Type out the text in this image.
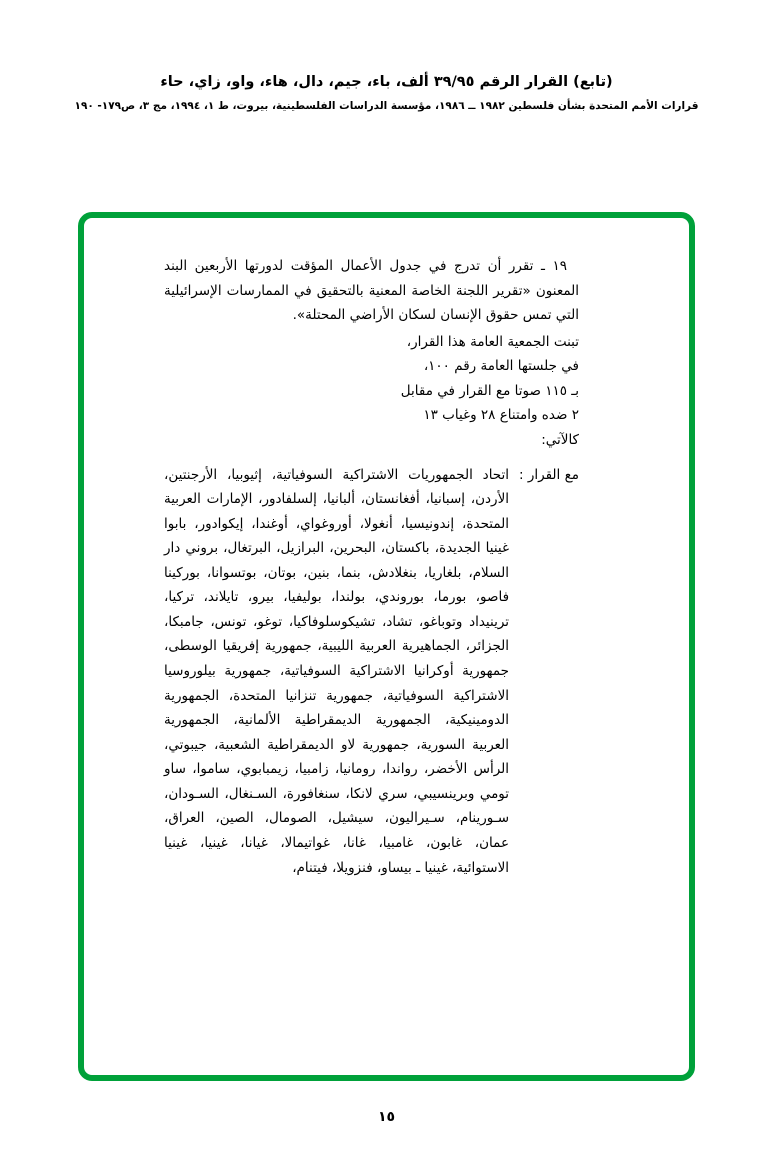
(تابع) القرار الرقم ٣٩/٩٥ ألف، باء، جيم، دال، هاء، واو، زاي، حاء
قرارات الأمم المتحدة بشأن فلسطين ١٩٨٢ ــ ١٩٨٦، مؤسسة الدراسات الفلسطينية، بيروت، ط ١، ١٩٩٤، مج ٣، ص١٧٩- ١٩٠

١٩ ـ تقرر أن تدرج في جدول الأعمال المؤقت لدورتها الأربعين البند المعنون «تقرير اللجنة الخاصة المعنية بالتحقيق في الممارسات الإسرائيلية التي تمس حقوق الإنسان لسكان الأراضي المحتلة».

تبنت الجمعية العامة هذا القرار،
في جلستها العامة رقم ١٠٠،
بـ ١١٥ صوتا مع القرار في مقابل
٢ ضده وامتناع ٢٨ وغياب ١٣
كالآتي:
مع القرار :
اتحاد الجمهوريات الاشتراكية السوفياتية، إثيوبيا، الأرجنتين، الأردن، إسبانيا، أفغانستان، ألبانيا، إلسلفادور، الإمارات العربية المتحدة، إندونيسيا، أنغولا، أوروغواي، أوغندا، إيكوادور، بابوا غينيا الجديدة، باكستان، البحرين، البرازيل، البرتغال، بروني دار السلام، بلغاريا، بنغلادش، بنما، بنين، بوتان، بوتسوانا، بوركينا فاصو، بورما، بوروندي، بولندا، بوليفيا، بيرو، تايلاند، تركيا، ترينيداد وتوباغو، تشاد، تشيكوسلوفاكيا، توغو، تونس، جامبكا، الجزائر، الجماهيرية العربية الليبية، جمهورية إفريقيا الوسطى، جمهورية أوكرانيا الاشتراكية السوفياتية، جمهورية بيلوروسيا الاشتراكية السوفياتية، جمهورية تنزانيا المتحدة، الجمهورية الدومينيكية، الجمهورية الديمقراطية الألمانية، الجمهورية العربية السورية، جمهورية لاو الديمقراطية الشعبية، جيبوتي، الرأس الأخضر، رواندا، رومانيا، زامبيا، زيمبابوي، ساموا، ساو تومي وبرينسيبي، سري لانكا، سنغافورة، السـنغال، السـودان، سـورينام، سـيراليون، سيشيل، الصومال، الصين، العراق، عمان، غابون، غامبيا، غانا، غواتيمالا، غيانا، غينيا، غينيا الاستوائية، غينيا ـ بيساو، فنزويلا، فيتنام،
١٥
